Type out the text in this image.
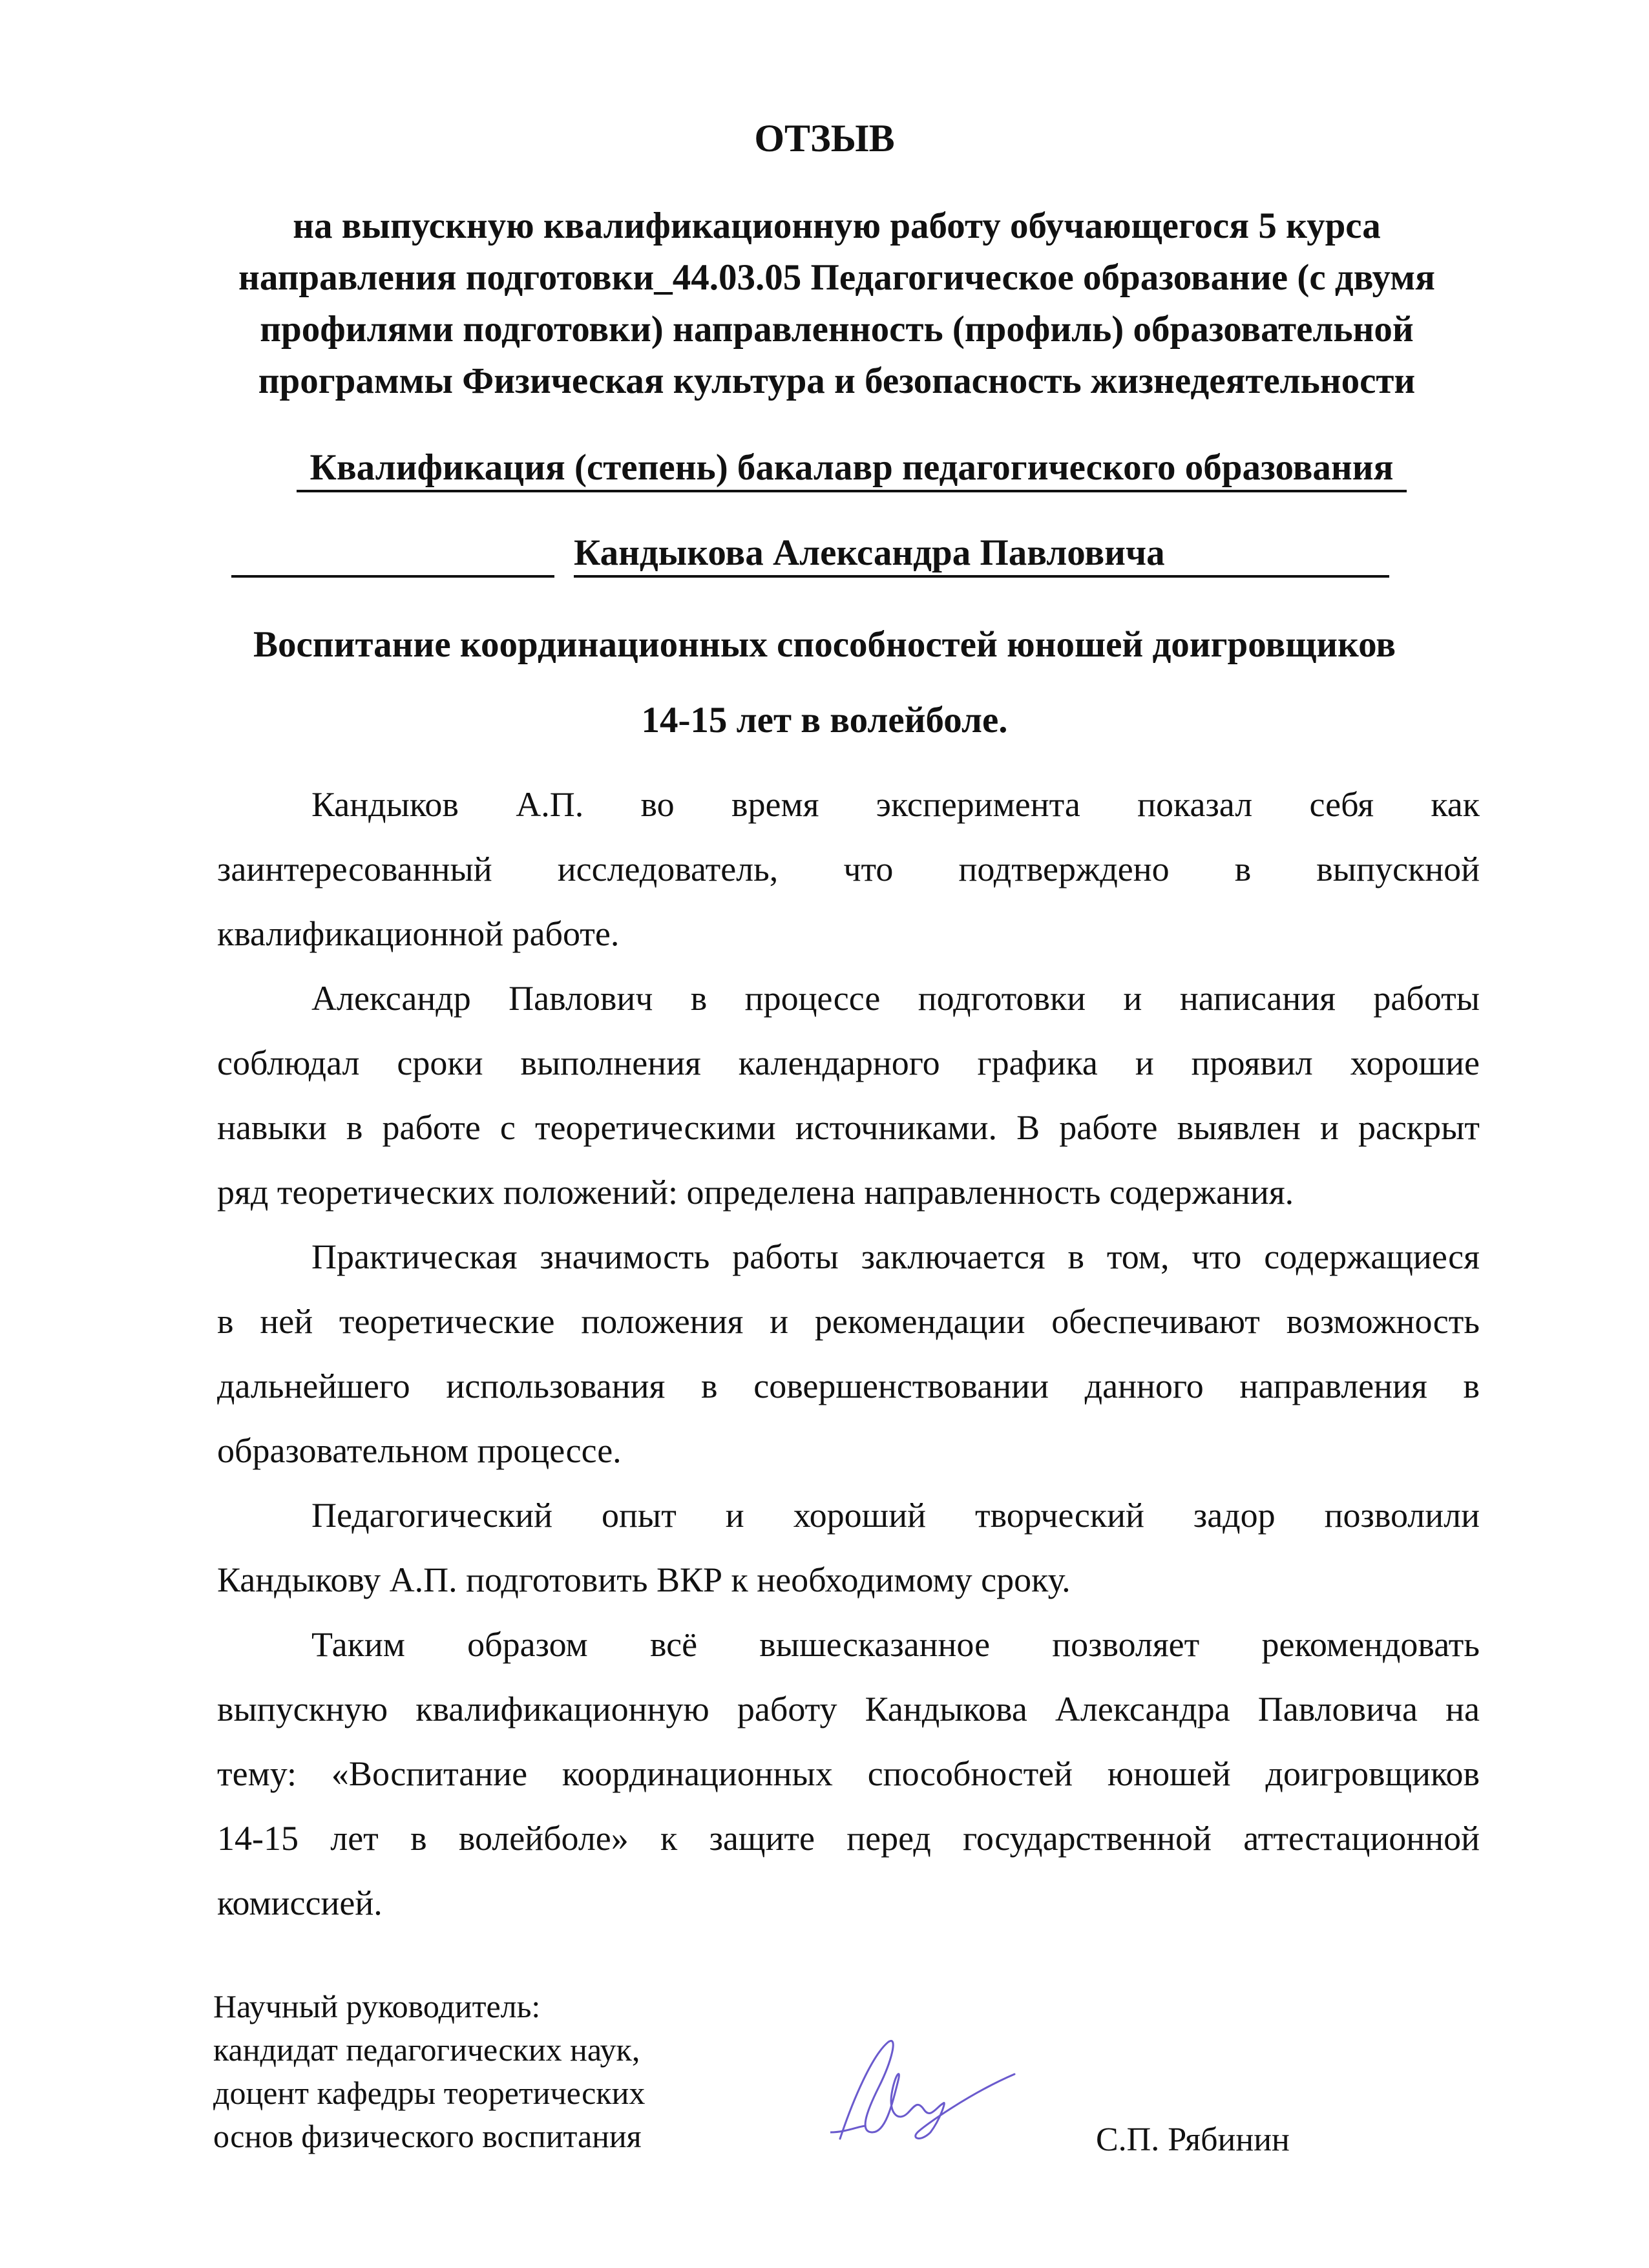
ОТЗЫВ
на выпускную квалификационную работу обучающегося 5 курса
направления подготовки_44.03.05 Педагогическое образование (с двумя
профилями подготовки) направленность (профиль) образовательной
программы Физическая культура и безопасность жизнедеятельности
Квалификация (степень) бакалавр педагогического образования
Кандыкова Александра Павловича
Воспитание координационных способностей юношей доигровщиков
14-15 лет в волейболе.
Кандыков А.П. во время эксперимента показал себя как
заинтересованный исследователь, что подтверждено в выпускной
квалификационной работе.
Александр Павлович в процессе подготовки и написания работы
соблюдал сроки выполнения календарного графика и проявил хорошие
навыки в работе с теоретическими источниками. В работе выявлен и раскрыт
ряд теоретических положений: определена направленность содержания.
Практическая значимость работы заключается в том, что содержащиеся
в ней теоретические положения и рекомендации обеспечивают возможность
дальнейшего использования в совершенствовании данного направления в
образовательном процессе.
Педагогический опыт и хороший творческий задор позволили
Кандыкову А.П. подготовить ВКР к необходимому сроку.
Таким образом всё вышесказанное позволяет рекомендовать
выпускную квалификационную работу Кандыкова Александра Павловича на
тему: «Воспитание координационных способностей юношей доигровщиков
14-15 лет в волейболе» к защите перед государственной аттестационной
комиссией.
Научный руководитель:
кандидат педагогических наук,
доцент кафедры теоретических
основ физического воспитания	С.П. Рябинин
